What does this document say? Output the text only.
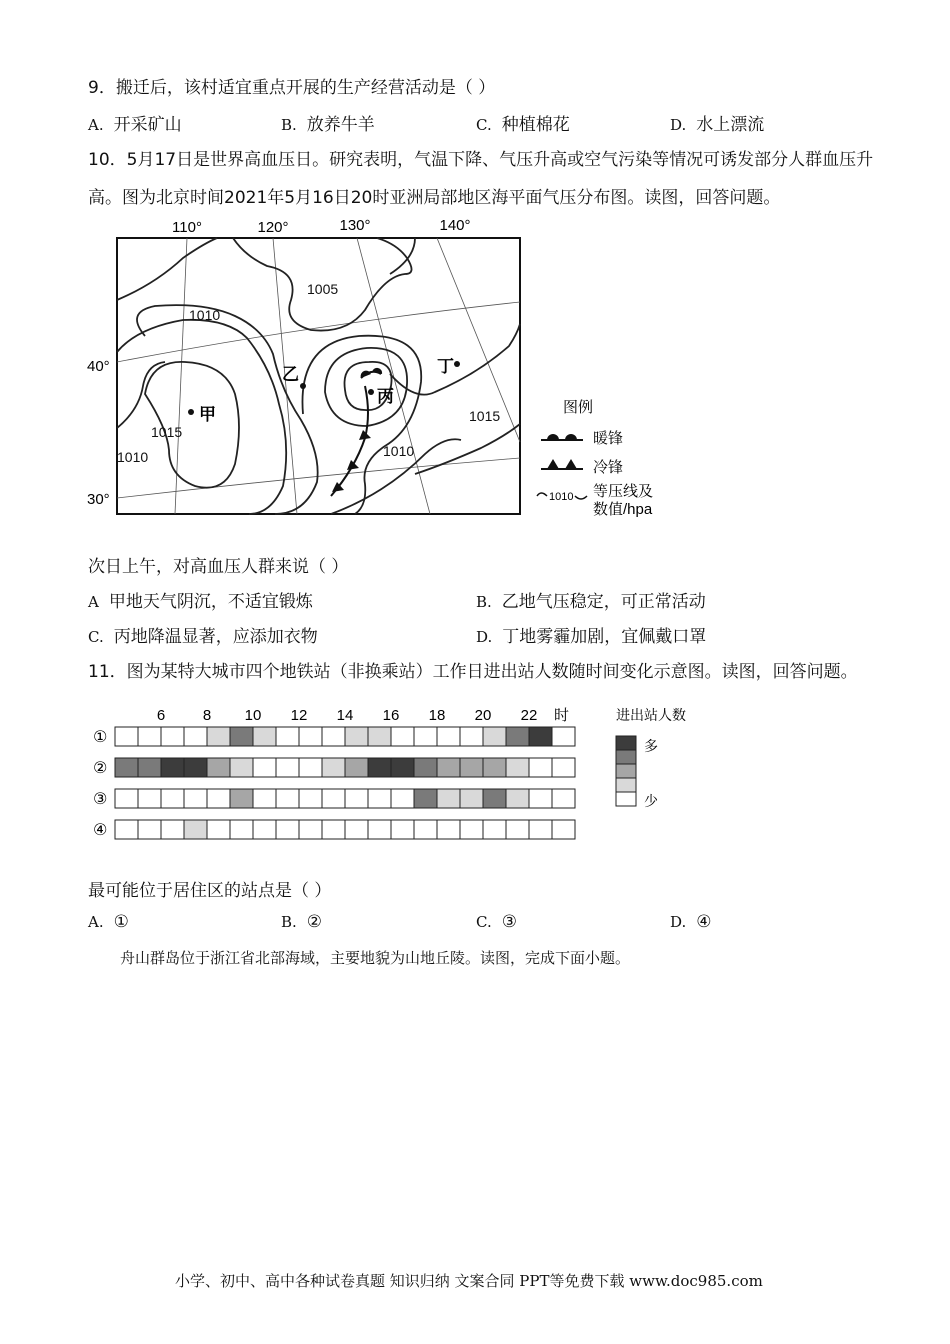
9．搬迁后，该村适宜重点开展的生产经营活动是（ ）
A. 开采矿山	B. 放养牛羊	C. 种植棉花	D. 水上漂流
10．5月17日是世界高血压日。研究表明，气温下降、气压升高或空气污染等情况可诱发部分人群血压升
高。图为北京时间2021年5月16日20时亚洲局部地区海平面气压分布图。读图，回答问题。
110°	120°	130°	140°
40°
30°
1005
1010
1015
1015
1010	1010
甲
乙
丙
丁
图例
暖锋
冷锋
1010 等压线及
数值/hpa
次日上午，对高血压人群来说（ ）
A 甲地天气阴沉，不适宜锻炼	B. 乙地气压稳定，可正常活动
C. 丙地降温显著，应添加衣物	D. 丁地雾霾加剧，宜佩戴口罩
11．图为某特大城市四个地铁站（非换乘站）工作日进出站人数随时间变化示意图。读图，回答问题。
6	8 10 12 14 16 18 20 22 时
①
②
③
④
进出站人数
多
少
最可能位于居住区的站点是（ ）
A. ①	B. ②	C. ③	D. ④
舟山群岛位于浙江省北部海域，主要地貌为山地丘陵。读图，完成下面小题。
小学、初中、高中各种试卷真题 知识归纳 文案合同 PPT等免费下载 www.doc985.com
